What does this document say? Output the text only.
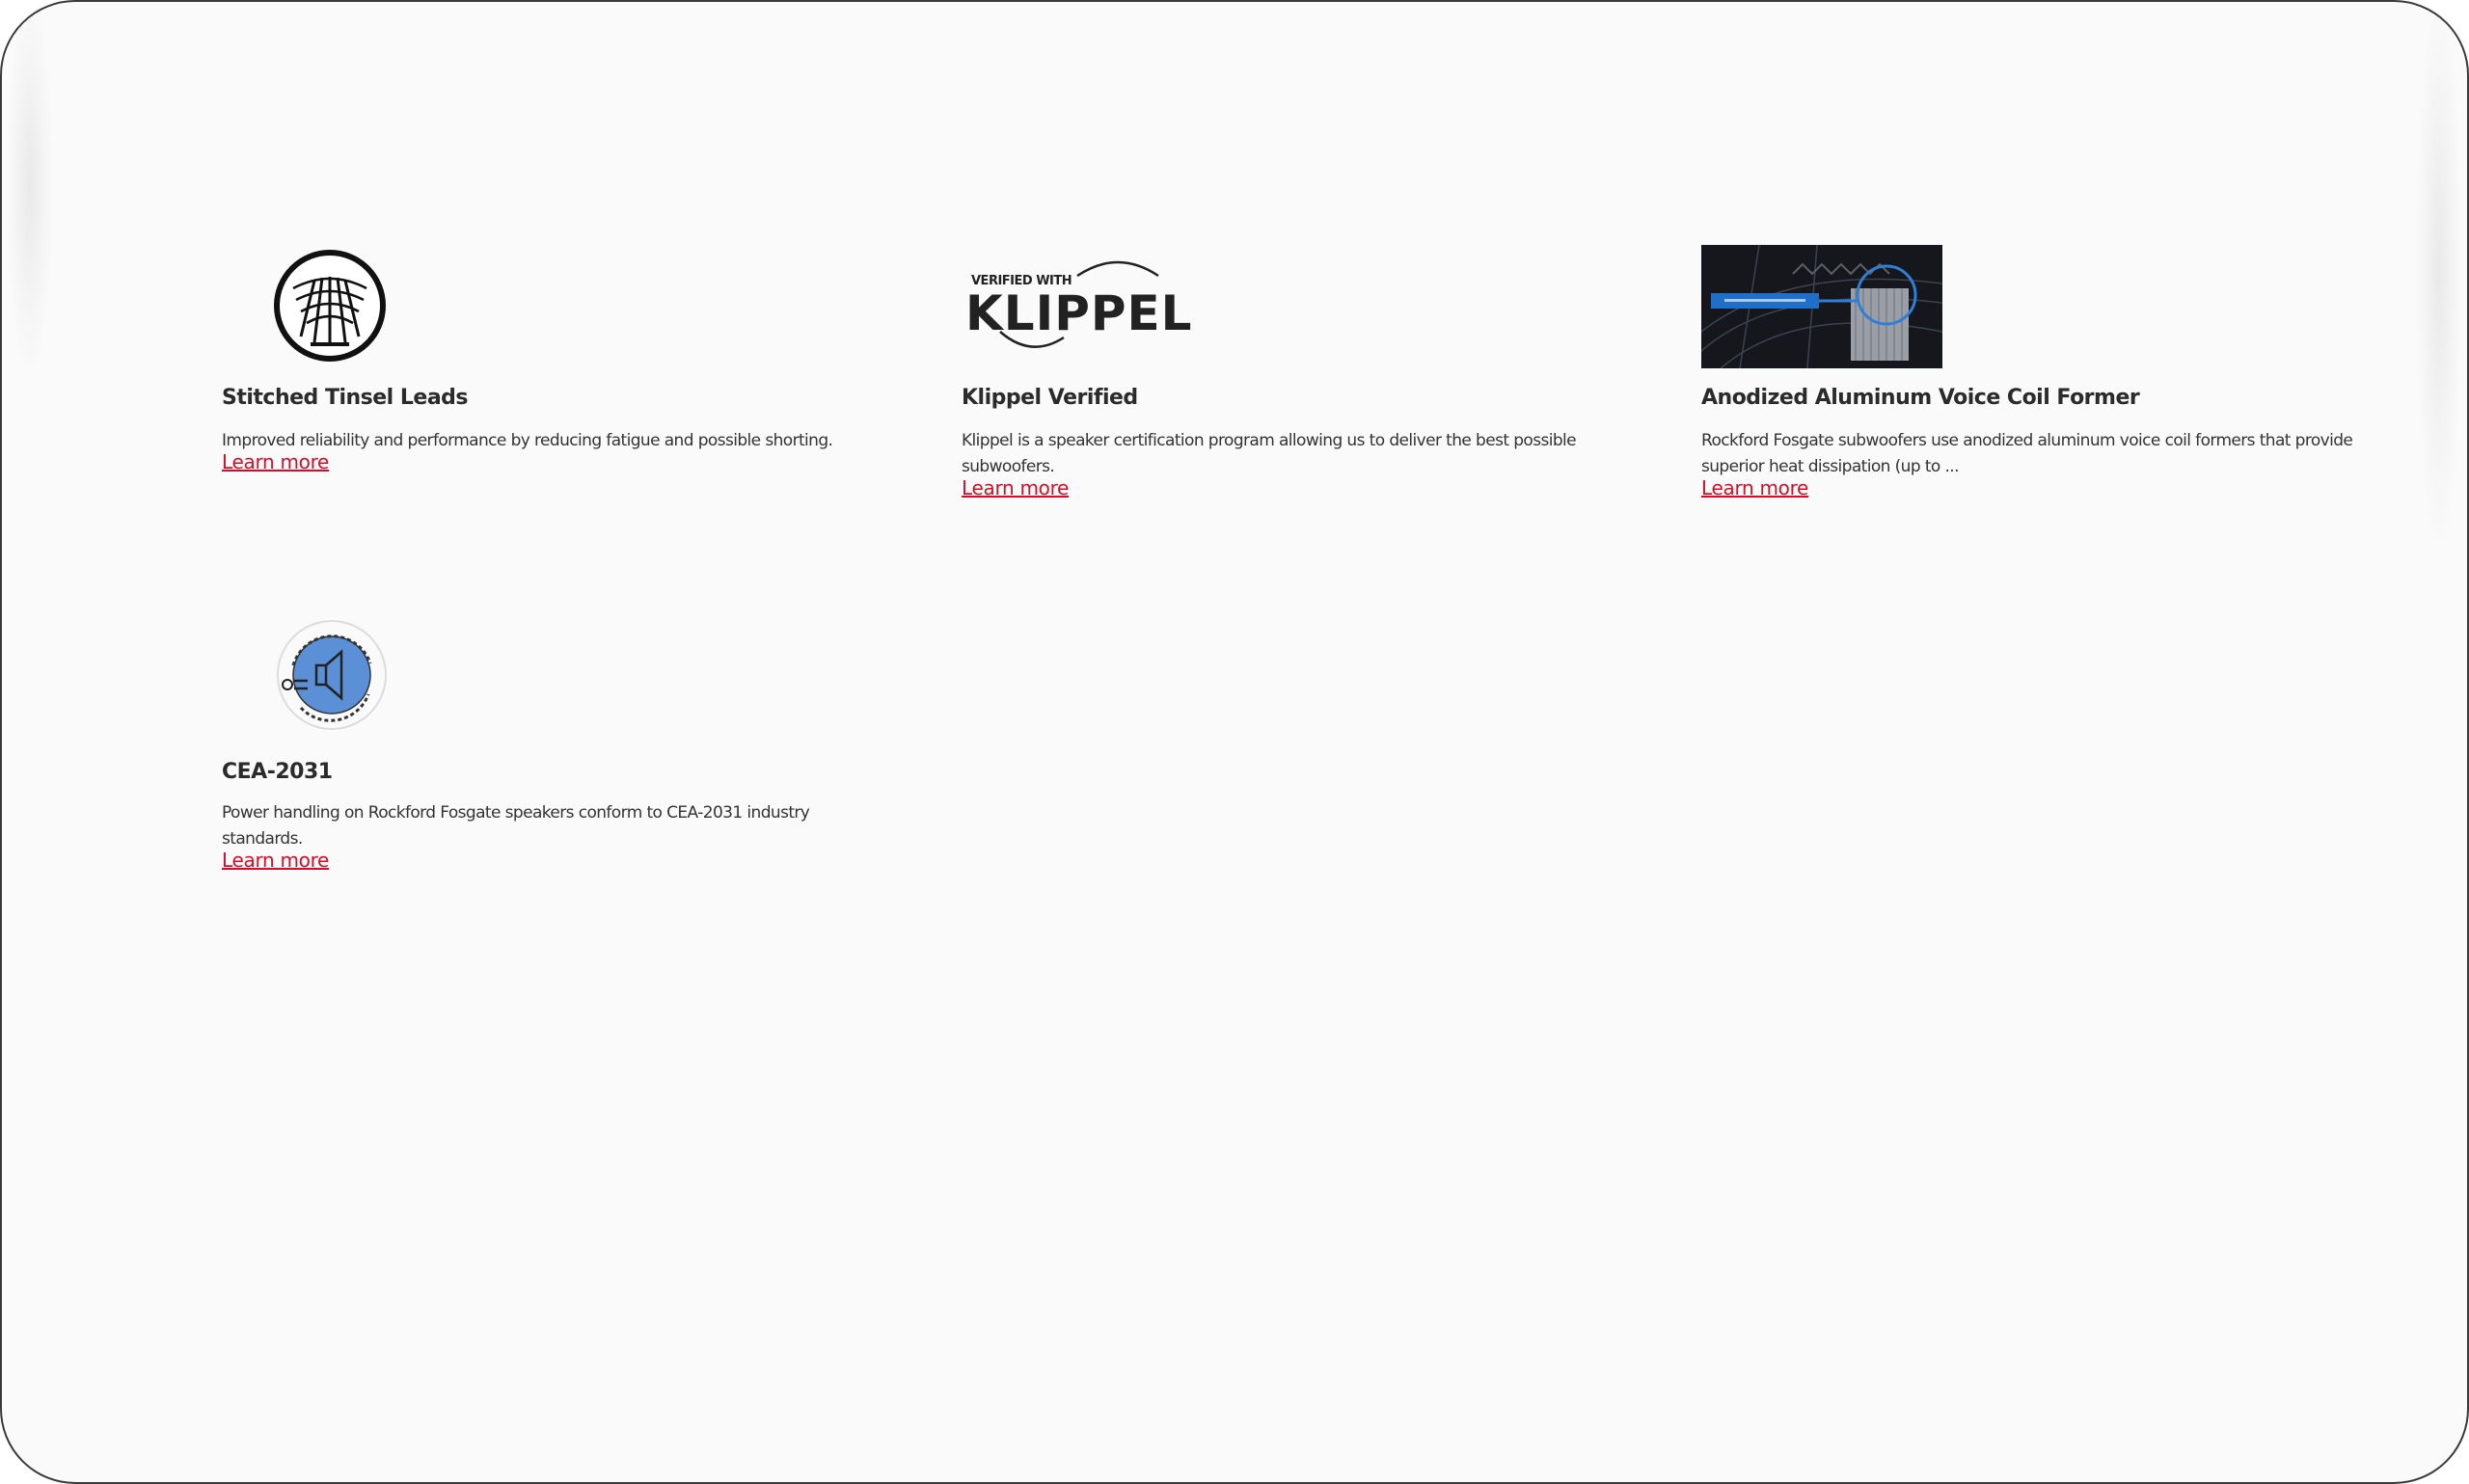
Stitched Tinsel Leads
Improved reliability and performance by reducing fatigue and possible shorting.
Learn more
VERIFIED WITH
KLIPPEL
Klippel Verified
Klippel is a speaker certification program allowing us to deliver the best possible subwoofers.
Learn more
Anodized Aluminum Voice Coil Former
Rockford Fosgate subwoofers use anodized aluminum voice coil formers that provide superior heat dissipation (up to ...
Learn more
CEA-2031
Power handling on Rockford Fosgate speakers conform to CEA-2031 industry standards.
Learn more
